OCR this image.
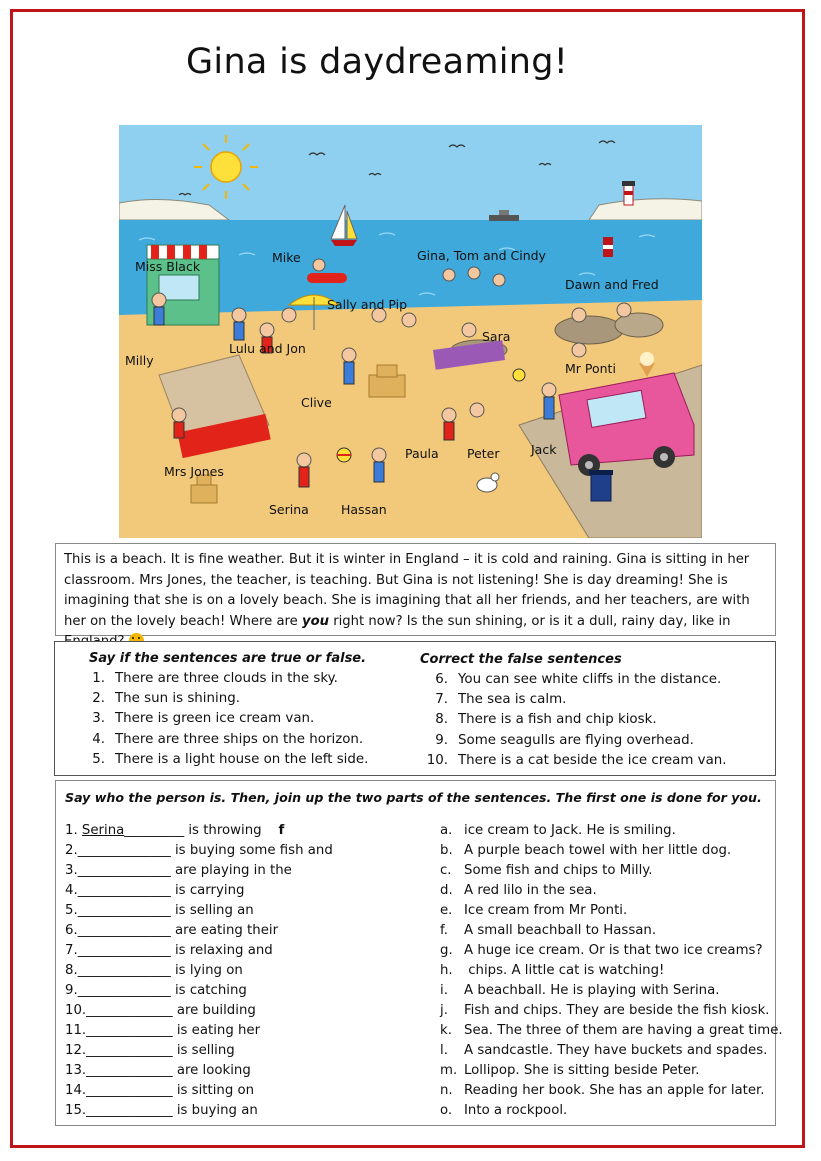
Gina is daydreaming!
Miss Black
Mike	Gina, Tom and Cindy
Dawn and Fred
Sally and Pip
Sara
Milly
Lulu and Jon
Mr Ponti
Clive
Paula Peter	Jack
Mrs Jones
Serina	Hassan
This is a beach. It is fine weather. But it is winter in England – it is cold and raining. Gina is sitting in her classroom. Mrs Jones, the teacher, is teaching. But Gina is not listening! She is day dreaming! She is imagining that she is on a lovely beach. She is imagining that all her friends, and her teachers, are with her on the lovely beach! Where are you right now? Is the sun shining, or is it a dull, rainy day, like in
Say if the sentences are true or false.	Correct the false sentences
1. There are three clouds in the sky.
2. The sun is shining.
3. There is green ice cream van.
4. There are three ships on the horizon.
5. There is a light house on the left side.
6. You can see white cliffs in the distance.
7. The sea is calm.
8. There is a fish and chip kiosk.
9. Some seagulls are flying overhead.
10. There is a cat beside the ice cream van.
Say who the person is. Then, join up the two parts of the sentences. The first one is done for you.
1. Serina_________ is throwing f
2.______________ is buying some fish and
3.______________ are playing in the
4.______________ is carrying
5.______________ is selling an
6.______________ are eating their
7.______________ is relaxing and
8.______________ is lying on
9.______________ is catching
10._____________ are building
11._____________ is eating her
12._____________ is selling
13._____________ are looking
14._____________ is sitting on
15._____________ is buying an
a. ice cream to Jack. He is smiling.
b. A purple beach towel with her little dog.
c. Some fish and chips to Milly.
d. A red lilo in the sea.
e. Ice cream from Mr Ponti.
f. A small beachball to Hassan.
g. A huge ice cream. Or is that two ice creams?
h. chips. A little cat is watching!
i. A beachball. He is playing with Serina.
j. Fish and chips. They are beside the fish kiosk.
k. Sea. The three of them are having a great time.
l. A sandcastle. They have buckets and spades.
m. Lollipop. She is sitting beside Peter.
n. Reading her book. She has an apple for later.
o. Into a rockpool.
